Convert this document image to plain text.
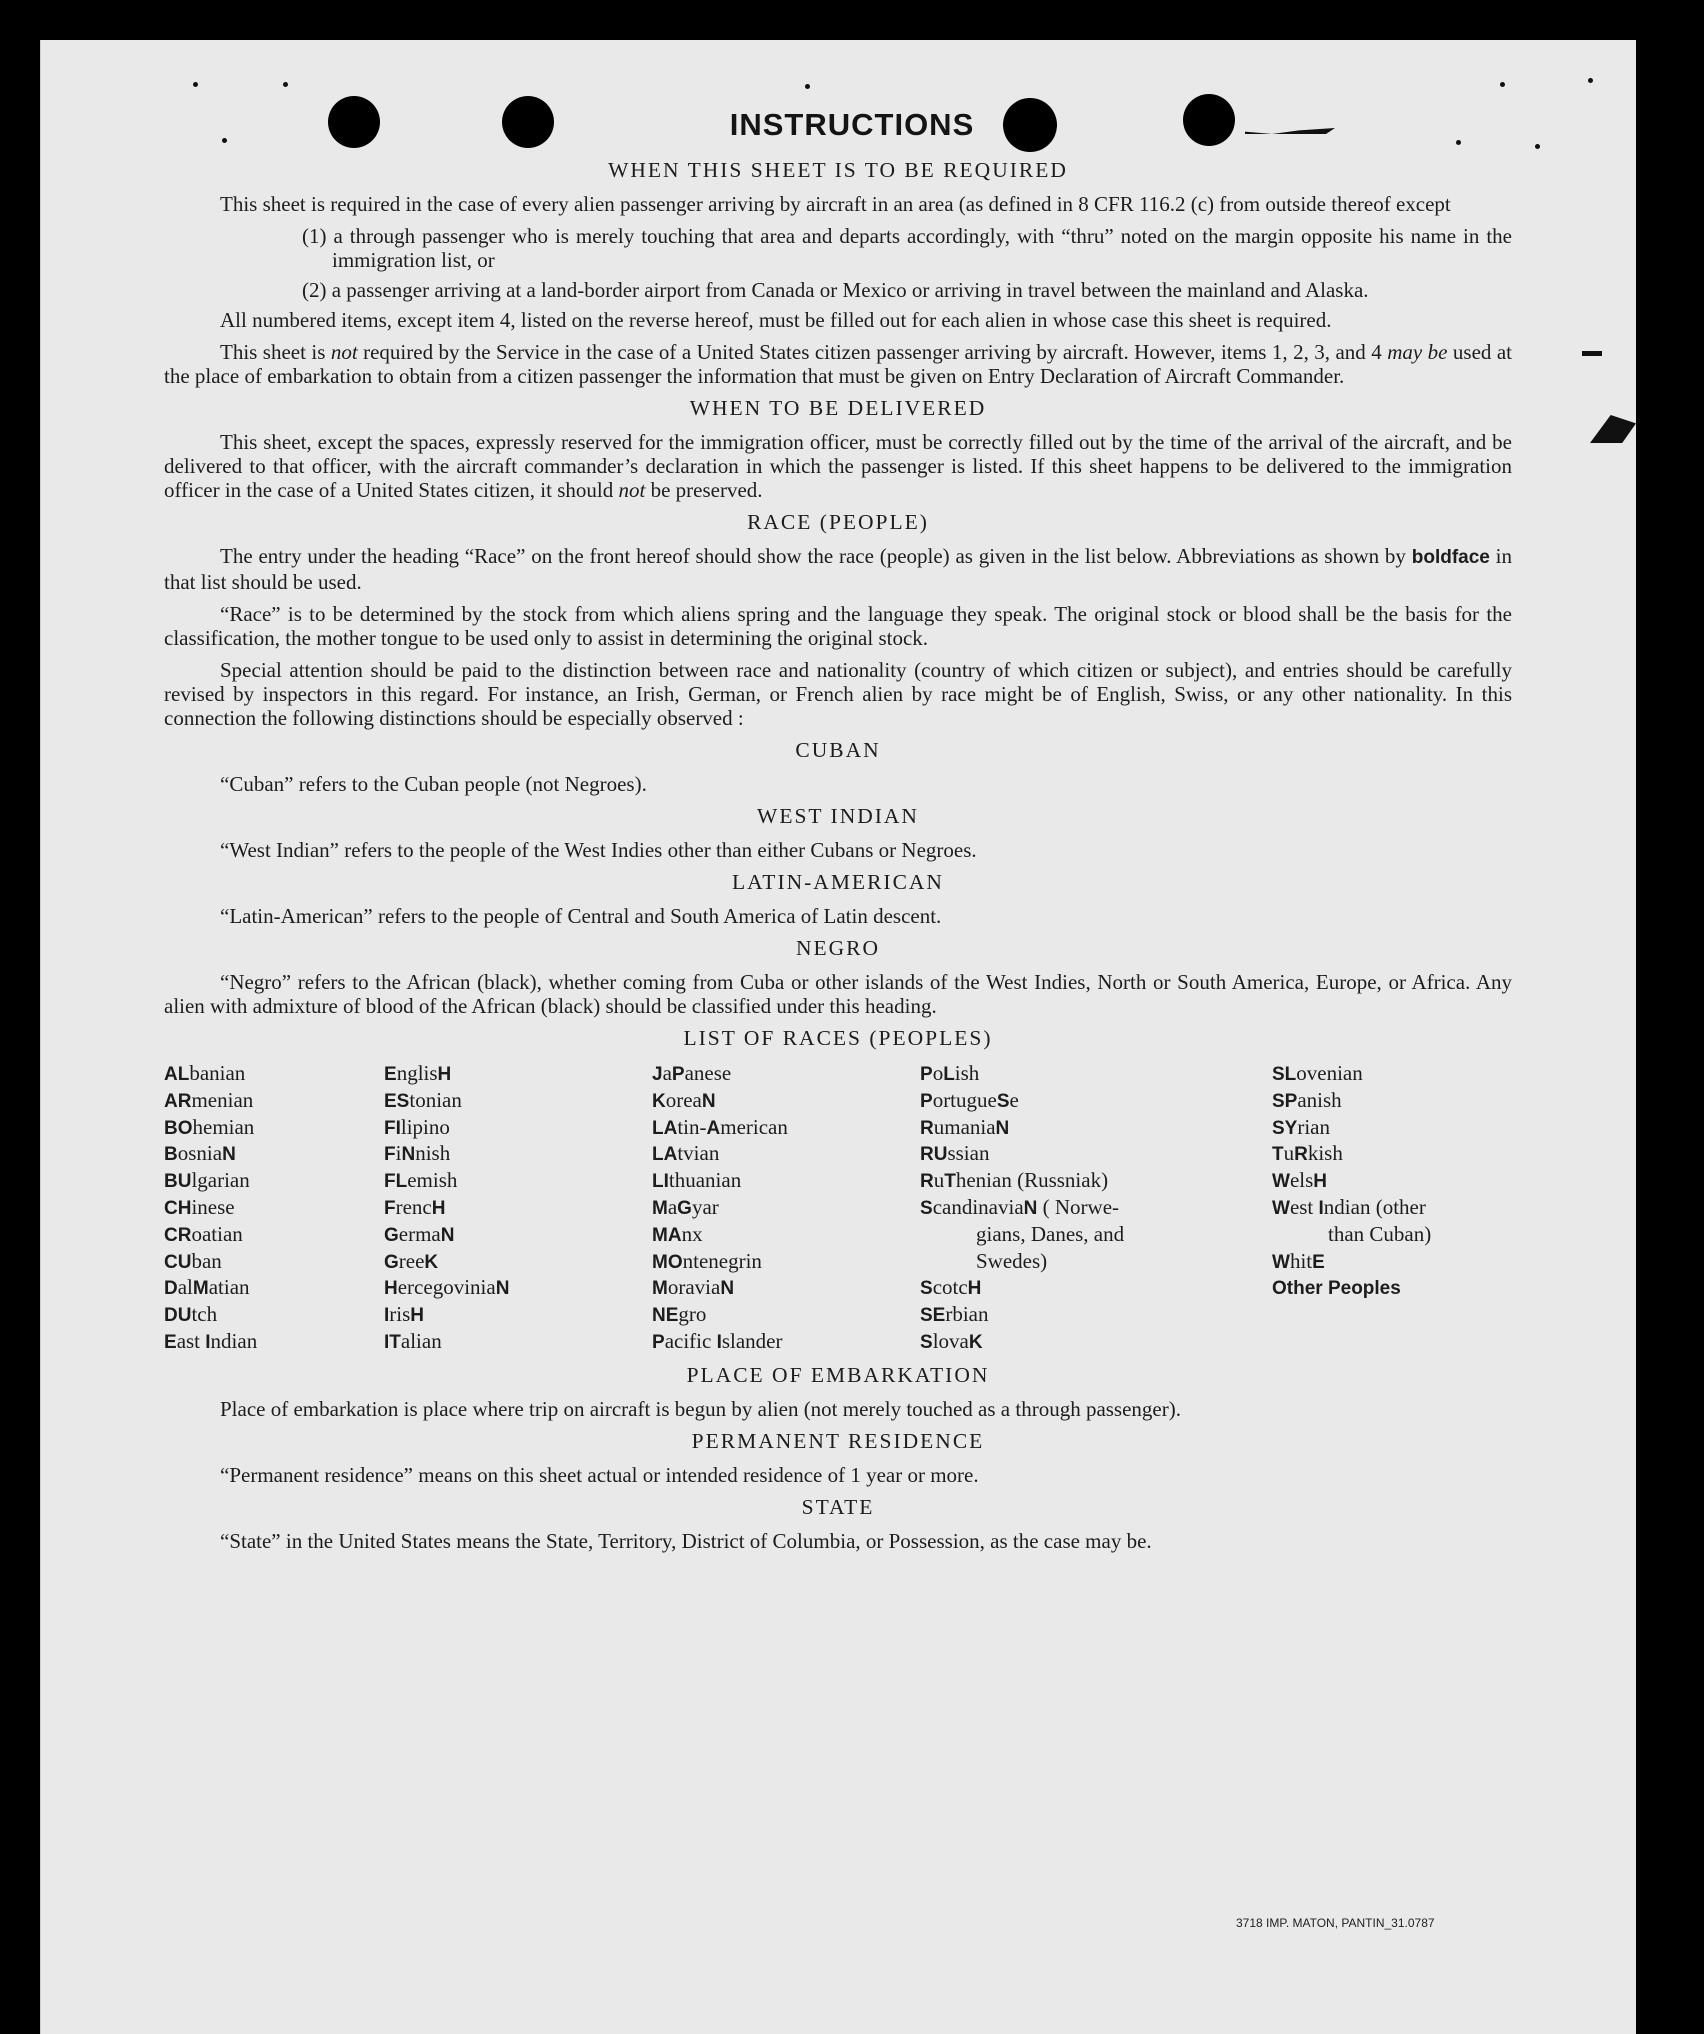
INSTRUCTIONS
WHEN THIS SHEET IS TO BE REQUIRED

This sheet is required in the case of every alien passenger arriving by aircraft in an area (as defined in 8 CFR 116.2 (c) from outside thereof except

(1) a through passenger who is merely touching that area and departs accordingly, with “thru” noted on the margin opposite his name in the immigration list, or
(2) a passenger arriving at a land-border airport from Canada or Mexico or arriving in travel between the mainland and Alaska.

All numbered items, except item 4, listed on the reverse hereof, must be filled out for each alien in whose case this sheet is required.

This sheet is not required by the Service in the case of a United States citizen passenger arriving by aircraft. However, items 1, 2, 3, and 4 may be used at the place of embarkation to obtain from a citizen passenger the information that must be given on Entry Declaration of Aircraft Commander.

WHEN TO BE DELIVERED

This sheet, except the spaces, expressly reserved for the immigration officer, must be correctly filled out by the time of the arrival of the aircraft, and be delivered to that officer, with the aircraft commander’s declaration in which the passenger is listed. If this sheet happens to be delivered to the immigration officer in the case of a United States citizen, it should not be preserved.

RACE (PEOPLE)

The entry under the heading “Race” on the front hereof should show the race (people) as given in the list below. Abbreviations as shown by boldface in that list should be used.

“Race” is to be determined by the stock from which aliens spring and the language they speak. The original stock or blood shall be the basis for the classification, the mother tongue to be used only to assist in determining the original stock.

Special attention should be paid to the distinction between race and nationality (country of which citizen or subject), and entries should be carefully revised by inspectors in this regard. For instance, an Irish, German, or French alien by race might be of English, Swiss, or any other nationality. In this connection the following distinctions should be especially observed :

CUBAN

“Cuban” refers to the Cuban people (not Negroes).

WEST INDIAN

“West Indian” refers to the people of the West Indies other than either Cubans or Negroes.

LATIN-AMERICAN

“Latin-American” refers to the people of Central and South America of Latin descent.

NEGRO

“Negro” refers to the African (black), whether coming from Cuba or other islands of the West Indies, North or South America, Europe, or Africa. Any alien with admixture of blood of the African (black) should be classified under this heading.

LIST OF RACES (PEOPLES)
ALbanian
ARmenian
BOhemian
BosniaN
BUlgarian
CHinese
CRoatian
CUban
DalMatian
DUtch
East Indian
EnglisH
EStonian
FIlipino
FiNnish
FLemish
FrencH
GermaN
GreeK
HercegoviniaN
IrisH
ITalian
JaPanese
KoreaN
LAtin-American
LAtvian
LIthuanian
MaGyar
MAnx
MOntenegrin
MoraviaN
NEgro
Pacific Islander
PoLish
PortugueSe
RumaniaN
RUssian
RuThenian (Russniak)
ScandinaviaN ( Norwe-
gians, Danes, and
Swedes)
ScotcH
SErbian
SlovaK
SLovenian
SPanish
SYrian
TuRkish
WelsH
West Indian (other
than Cuban)
WhitE
Other Peoples
PLACE OF EMBARKATION

Place of embarkation is place where trip on aircraft is begun by alien (not merely touched as a through passenger).

PERMANENT RESIDENCE

“Permanent residence” means on this sheet actual or intended residence of 1 year or more.

STATE

“State” in the United States means the State, Territory, District of Columbia, or Possession, as the case may be.

3718 IMP. MATON, PANTIN_31.0787
